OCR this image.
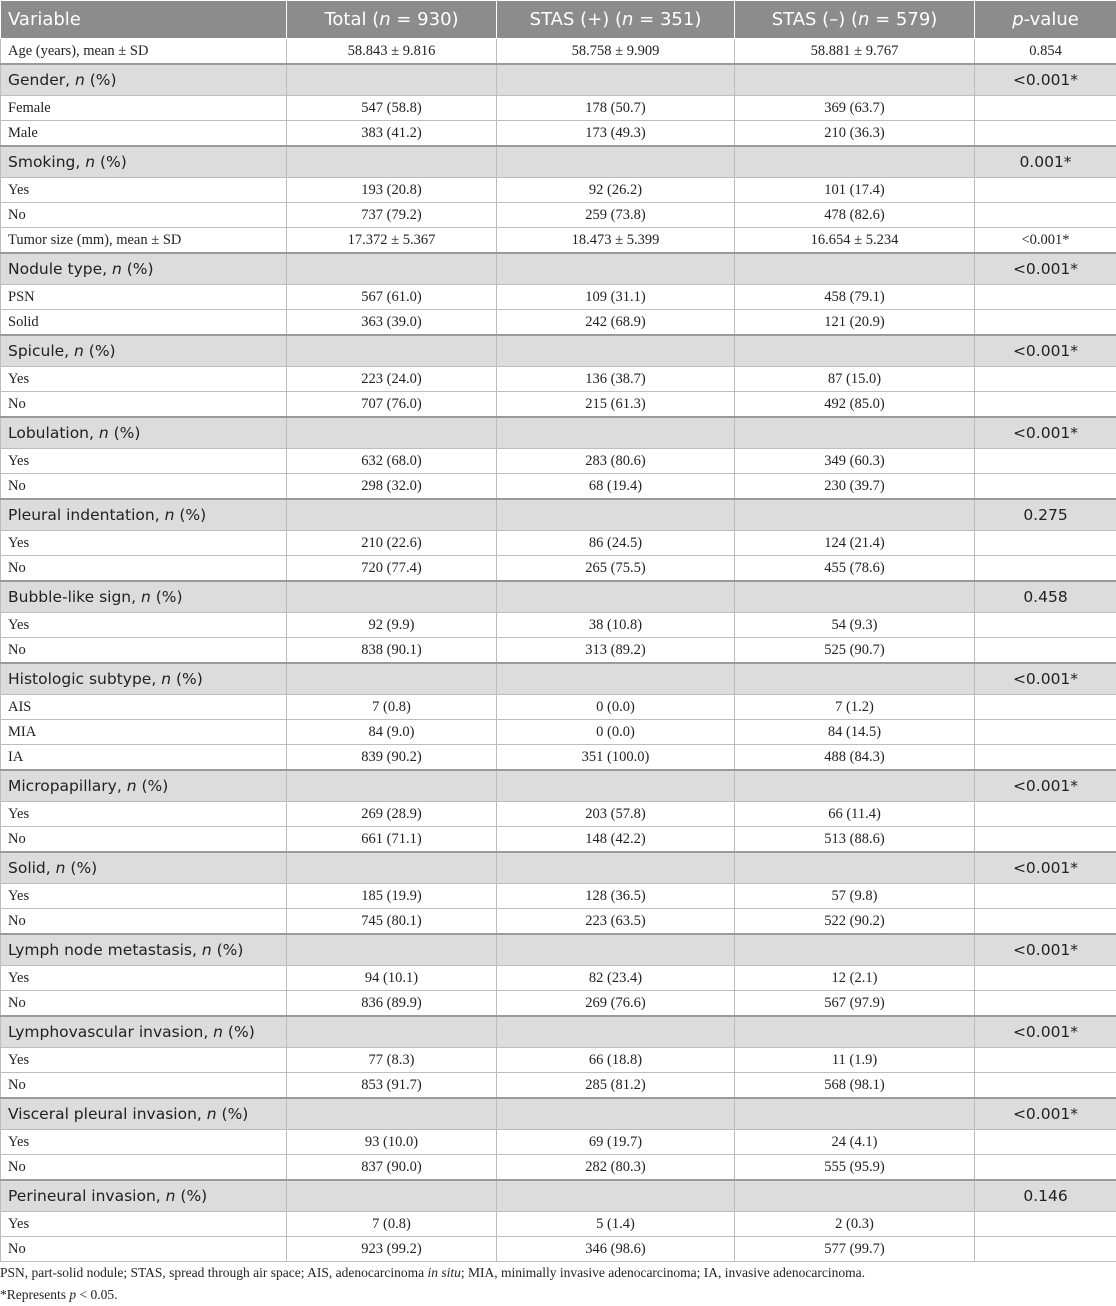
Variable	Total (n = 930)	STAS (+) (n = 351)	STAS (–) (n = 579)	p-value
Age (years), mean ± SD	58.843 ± 9.816	58.758 ± 9.909	58.881 ± 9.767	0.854
Gender, n (%)				<0.001*
Female	547 (58.8)	178 (50.7)	369 (63.7)	
Male	383 (41.2)	173 (49.3)	210 (36.3)	
Smoking, n (%)				0.001*
Yes	193 (20.8)	92 (26.2)	101 (17.4)	
No	737 (79.2)	259 (73.8)	478 (82.6)	
Tumor size (mm), mean ± SD	17.372 ± 5.367	18.473 ± 5.399	16.654 ± 5.234	<0.001*
Nodule type, n (%)				<0.001*
PSN	567 (61.0)	109 (31.1)	458 (79.1)	
Solid	363 (39.0)	242 (68.9)	121 (20.9)	
Spicule, n (%)				<0.001*
Yes	223 (24.0)	136 (38.7)	87 (15.0)	
No	707 (76.0)	215 (61.3)	492 (85.0)	
Lobulation, n (%)				<0.001*
Yes	632 (68.0)	283 (80.6)	349 (60.3)	
No	298 (32.0)	68 (19.4)	230 (39.7)	
Pleural indentation, n (%)				0.275
Yes	210 (22.6)	86 (24.5)	124 (21.4)	
No	720 (77.4)	265 (75.5)	455 (78.6)	
Bubble-like sign, n (%)				0.458
Yes	92 (9.9)	38 (10.8)	54 (9.3)	
No	838 (90.1)	313 (89.2)	525 (90.7)	
Histologic subtype, n (%)				<0.001*
AIS	7 (0.8)	0 (0.0)	7 (1.2)	
MIA	84 (9.0)	0 (0.0)	84 (14.5)	
IA	839 (90.2)	351 (100.0)	488 (84.3)	
Micropapillary, n (%)				<0.001*
Yes	269 (28.9)	203 (57.8)	66 (11.4)	
No	661 (71.1)	148 (42.2)	513 (88.6)	
Solid, n (%)				<0.001*
Yes	185 (19.9)	128 (36.5)	57 (9.8)	
No	745 (80.1)	223 (63.5)	522 (90.2)	
Lymph node metastasis, n (%)				<0.001*
Yes	94 (10.1)	82 (23.4)	12 (2.1)	
No	836 (89.9)	269 (76.6)	567 (97.9)	
Lymphovascular invasion, n (%)				<0.001*
Yes	77 (8.3)	66 (18.8)	11 (1.9)	
No	853 (91.7)	285 (81.2)	568 (98.1)	
Visceral pleural invasion, n (%)				<0.001*
Yes	93 (10.0)	69 (19.7)	24 (4.1)	
No	837 (90.0)	282 (80.3)	555 (95.9)	
Perineural invasion, n (%)				0.146
Yes	7 (0.8)	5 (1.4)	2 (0.3)	
No	923 (99.2)	346 (98.6)	577 (99.7)	
PSN, part-solid nodule; STAS, spread through air space; AIS, adenocarcinoma in situ; MIA, minimally invasive adenocarcinoma; IA, invasive adenocarcinoma.
*Represents p < 0.05.
